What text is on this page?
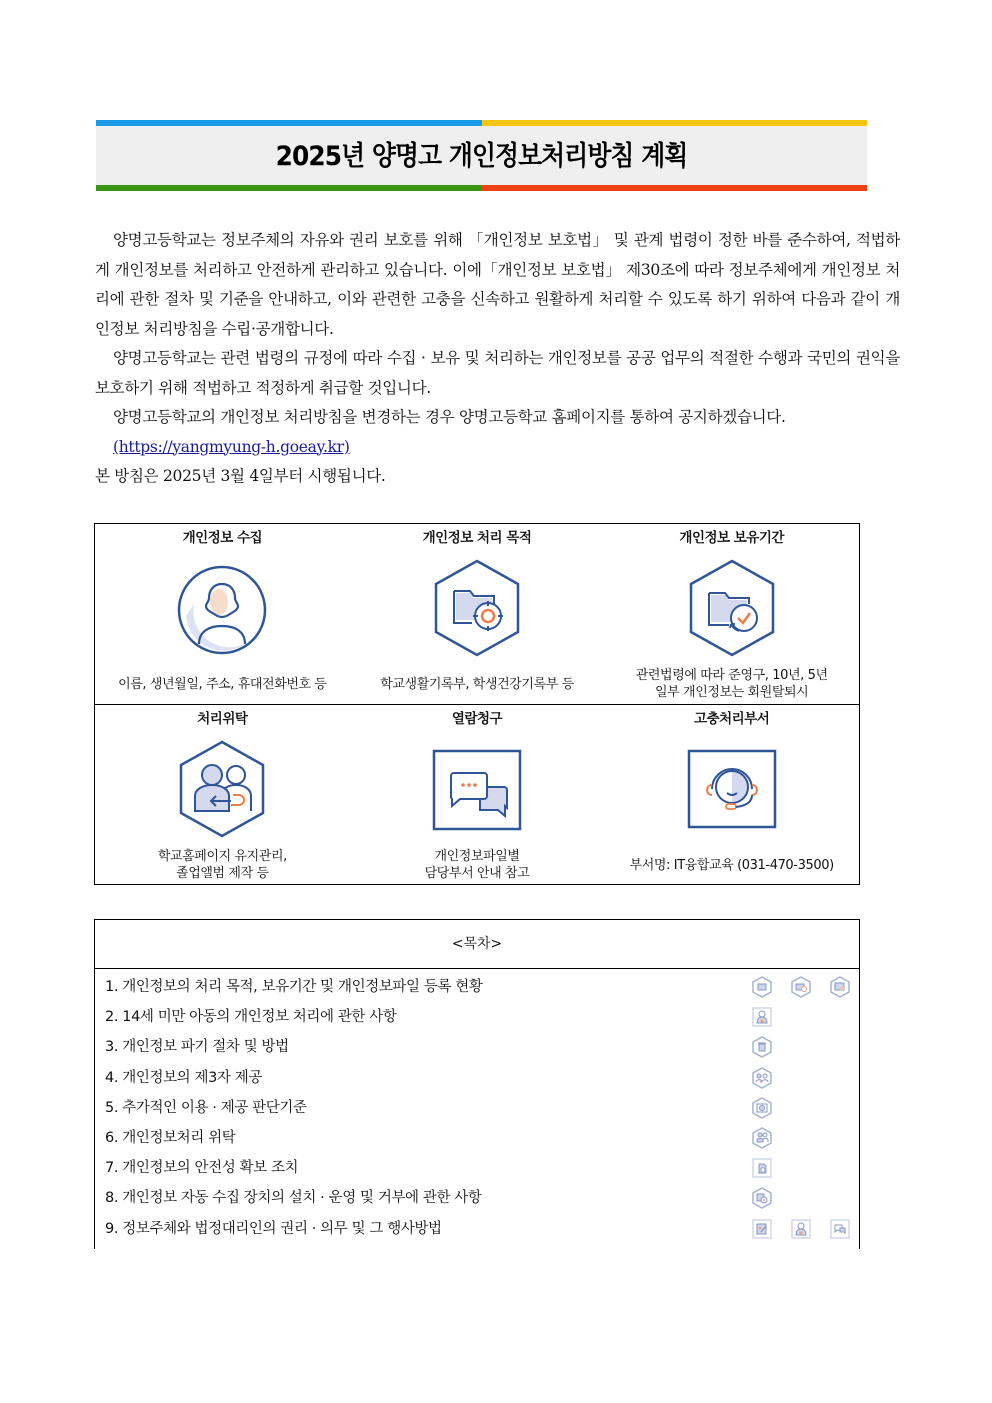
2025년 양명고 개인정보처리방침 계획

양명고등학교는 정보주체의 자유와 권리 보호를 위해 「개인정보 보호법」 및 관계 법령이 정한 바를 준수하여, 적법하게 개인정보를 처리하고 안전하게 관리하고 있습니다. 이에「개인정보 보호법」 제30조에 따라 정보주체에게 개인정보 처리에 관한 절차 및 기준을 안내하고, 이와 관련한 고충을 신속하고 원활하게 처리할 수 있도록 하기 위하여 다음과 같이 개인정보 처리방침을 수립·공개합니다.

양명고등학교는 관련 법령의 규정에 따라 수집 · 보유 및 처리하는 개인정보를 공공 업무의 적절한 수행과 국민의 권익을 보호하기 위해 적법하고 적정하게 취급할 것입니다.

양명고등학교의 개인정보 처리방침을 변경하는 경우 양명고등학교 홈페이지를 통하여 공지하겠습니다.

(https://yangmyung-h.goeay.kr)

본 방침은 2025년 3월 4일부터 시행됩니다.

개인정보 수집
이름, 생년월일, 주소, 휴대전화번호 등
개인정보 처리 목적
학교생활기록부, 학생건강기록부 등
개인정보 보유기간
관련법령에 따라 준영구, 10년, 5년
일부 개인정보는 회원탈퇴시
처리위탁
학교홈페이지 유지관리,
졸업앨범 제작 등
열람청구
개인정보파일별
담당부서 안내 참고
고충처리부서
부서명: IT융합교육 (031-470-3500)
<목차>
1. 개인정보의 처리 목적, 보유기간 및 개인정보파일 등록 현황
2. 14세 미만 아동의 개인정보 처리에 관한 사항
3. 개인정보 파기 절차 및 방법
4. 개인정보의 제3자 제공
5. 추가적인 이용 · 제공 판단기준
6. 개인정보처리 위탁
7. 개인정보의 안전성 확보 조치
8. 개인정보 자동 수집 장치의 설치 · 운영 및 거부에 관한 사항
9. 정보주체와 법정대리인의 권리 · 의무 및 그 행사방법
